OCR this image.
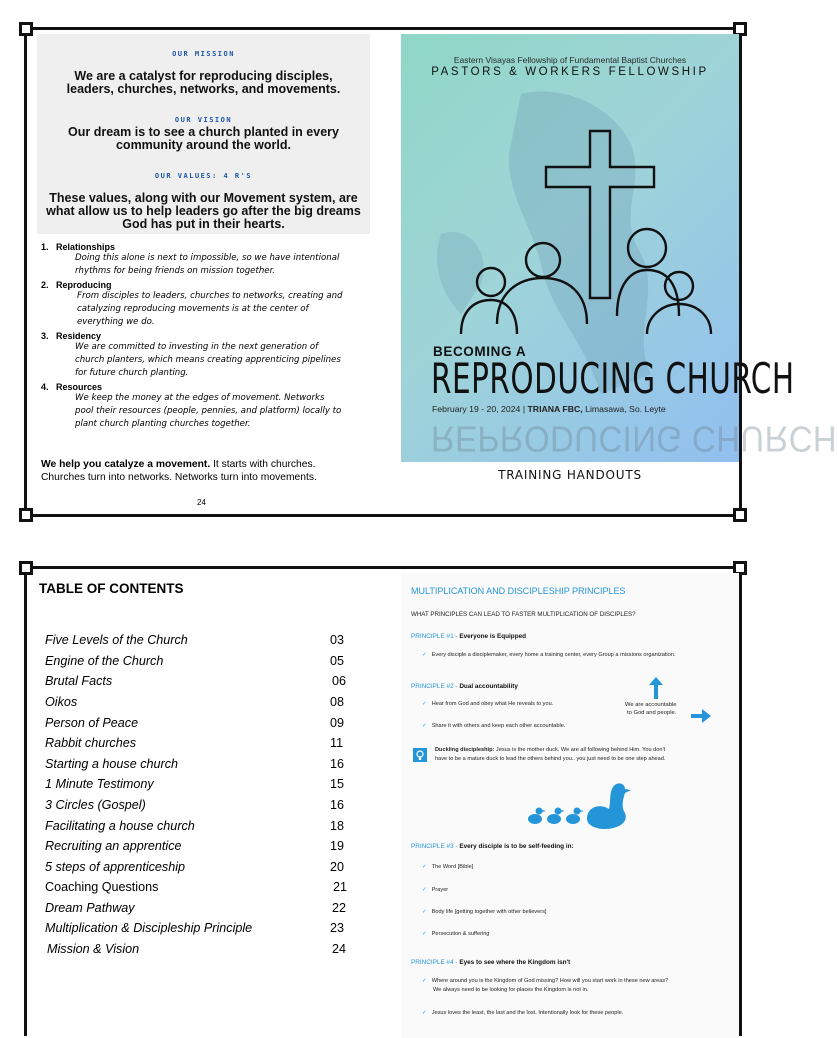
OUR MISSION
We are a catalyst for reproducing disciples, leaders, churches, networks, and movements.
OUR VISION
Our dream is to see a church planted in every community around the world.
OUR VALUES: 4 R'S
These values, along with our Movement system, are what allow us to help leaders go after the big dreams God has put in their hearts.
1. Relationships
Doing this alone is next to impossible, so we have intentional
rhythms for being friends on mission together.
2. Reproducing
From disciples to leaders, churches to networks, creating and
catalyzing reproducing movements is at the center of
everything we do.
3. Residency
We are committed to investing in the next generation of
church planters, which means creating apprenticing pipelines
for future church planting.
4. Resources
We keep the money at the edges of movement. Networks
pool their resources (people, pennies, and platform) locally to
plant church planting churches together.
We help you catalyze a movement. It starts with churches.
Churches turn into networks. Networks turn into movements.
24
Eastern Visayas Fellowship of Fundamental Baptist Churches
PASTORS & WORKERS FELLOWSHIP
BECOMING A
REPRODUCING CHURCH
February 19 - 20, 2024 | TRIANA FBC, Limasawa, So. Leyte
REPRODUCING CHURCH
TRAINING HANDOUTS
TABLE OF CONTENTS
Five Levels of the Church	03
Engine of the Church	05
Brutal Facts	06
Oikos	08
Person of Peace	09
Rabbit churches	11
Starting a house church	16
1 Minute Testimony	15
3 Circles (Gospel)	16
Facilitating a house church	18
Recruiting an apprentice	19
5 steps of apprenticeship	20
Coaching Questions	21
Dream Pathway	22
Multiplication & Discipleship Principle	23
Mission & Vision	24
MULTIPLICATION AND DISCIPLESHIP PRINCIPLES
WHAT PRINCIPLES CAN LEAD TO FASTER MULTIPLICATION OF DISCIPLES?
PRINCIPLE #1 - Everyone is Equipped
✓ Every disciple a disciplemaker, every home a training center, every Group a missions organization.
PRINCIPLE #2 - Dual accountability
✓ Hear from God and obey what He reveals to you.
✓ Share it with others and keep each other accountable.
We are accountable
to God and people.
Duckling discipleship: Jesus is the mother duck. We are all following behind Him. You don't
have to be a mature duck to lead the others behind you.. you just need to be one step ahead.
PRINCIPLE #3 - Every disciple is to be self-feeding in:
✓ The Word [Bible]
✓ Prayer
✓ Body life [getting together with other believers]
✓ Persecution & suffering
PRINCIPLE #4 - Eyes to see where the Kingdom isn't
✓ Where around you is the Kingdom of God missing? How will you start work in these new areas?
We always need to be looking for places the Kingdom is not in.
✓ Jesus loves the least, the last and the lost. Intentionally look for these people.
